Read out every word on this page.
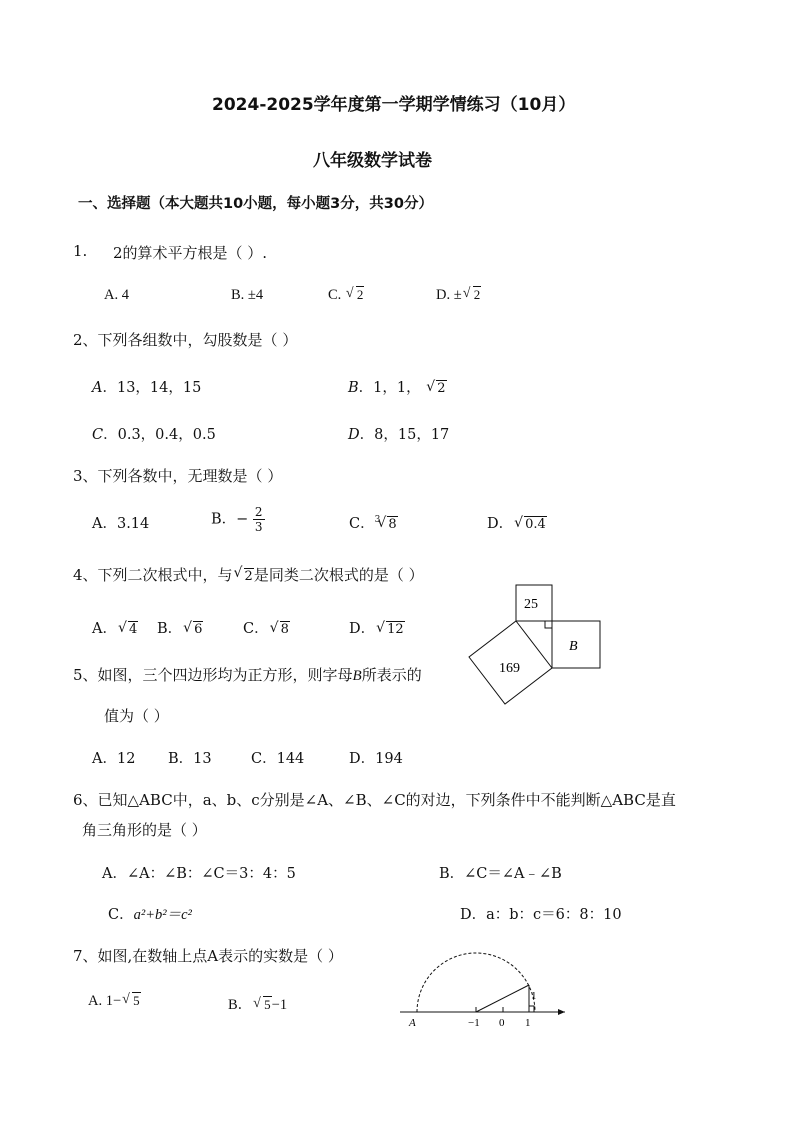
2024-2025学年度第一学期学情练习（10月）
八年级数学试卷
一、选择题（本大题共10小题，每小题3分，共30分）
1. 2的算术平方根是（ ）.
A. 4	B. ±4	C. √ 2	D. ± √ 2
2、下列各组数中，勾股数是（ ）
A．13，14，15	B．1，1， √ 2
C．0.3，0.4，0.5	D．8，15，17
3、下列各数中，无理数是（ ）
A．3.14	B．− $\frac{2}{3}$	C．$^3$ √ 8	D． √ 0.4
4、下列二次根式中，与 √ 2是同类二次根式的是（ ）
A． √ 4 B． √ 6	C． √ 8	D． √ 12
25
B
169
5、如图，三个四边形均为正方形，则字母B所表示的
值为（ ）
A．12 B．13	C．144	D．194
6、已知△ABC中，a、b、c分别是∠A、∠B、∠C的对边，下列条件中不能判断△ABC是直
角三角形的是（ ）
A．∠A：∠B：∠C＝3：4：5	B．∠C＝∠A﹣∠B
C．a²+b²＝c²	D．a：b：c＝6：8：10
7、如图,在数轴上点A表示的实数是（ ）
A. 1− √ 5	B． √ 5−1
1
A	−1 0 1
